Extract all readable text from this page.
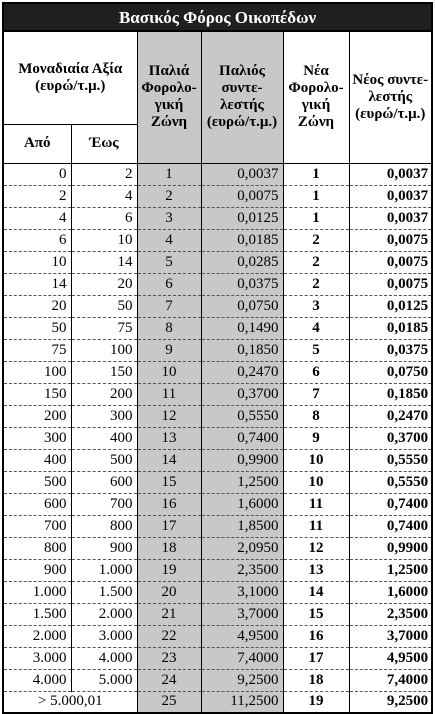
Βασικός Φόρος Οικοπέδων					
Μοναδιαία Αξία (ευρώ/τ.μ.)		Παλιά Φορολο-γική Ζώνη	Παλιός συντε-λεστής (ευρώ/τ.μ.)	Νέα Φορολο-γική Ζώνη	Νέος συντε-λεστής (ευρώ/τ.μ.)
Από	Έως				
0	2	1	0,0037	1	0,0037
2	4	2	0,0075	1	0,0037
4	6	3	0,0125	1	0,0037
6	10	4	0,0185	2	0,0075
10	14	5	0,0285	2	0,0075
14	20	6	0,0375	2	0,0075
20	50	7	0,0750	3	0,0125
50	75	8	0,1490	4	0,0185
75	100	9	0,1850	5	0,0375
100	150	10	0,2470	6	0,0750
150	200	11	0,3700	7	0,1850
200	300	12	0,5550	8	0,2470
300	400	13	0,7400	9	0,3700
400	500	14	0,9900	10	0,5550
500	600	15	1,2500	10	0,5550
600	700	16	1,6000	11	0,7400
700	800	17	1,8500	11	0,7400
800	900	18	2,0950	12	0,9900
900	1.000	19	2,3500	13	1,2500
1.000	1.500	20	3,1000	14	1,6000
1.500	2.000	21	3,7000	15	2,3500
2.000	3.000	22	4,9500	16	3,7000
3.000	4.000	23	7,4000	17	4,9500
4.000	5.000	24	9,2500	18	7,4000
> 5.000,01		25	11,2500	19	9,2500
